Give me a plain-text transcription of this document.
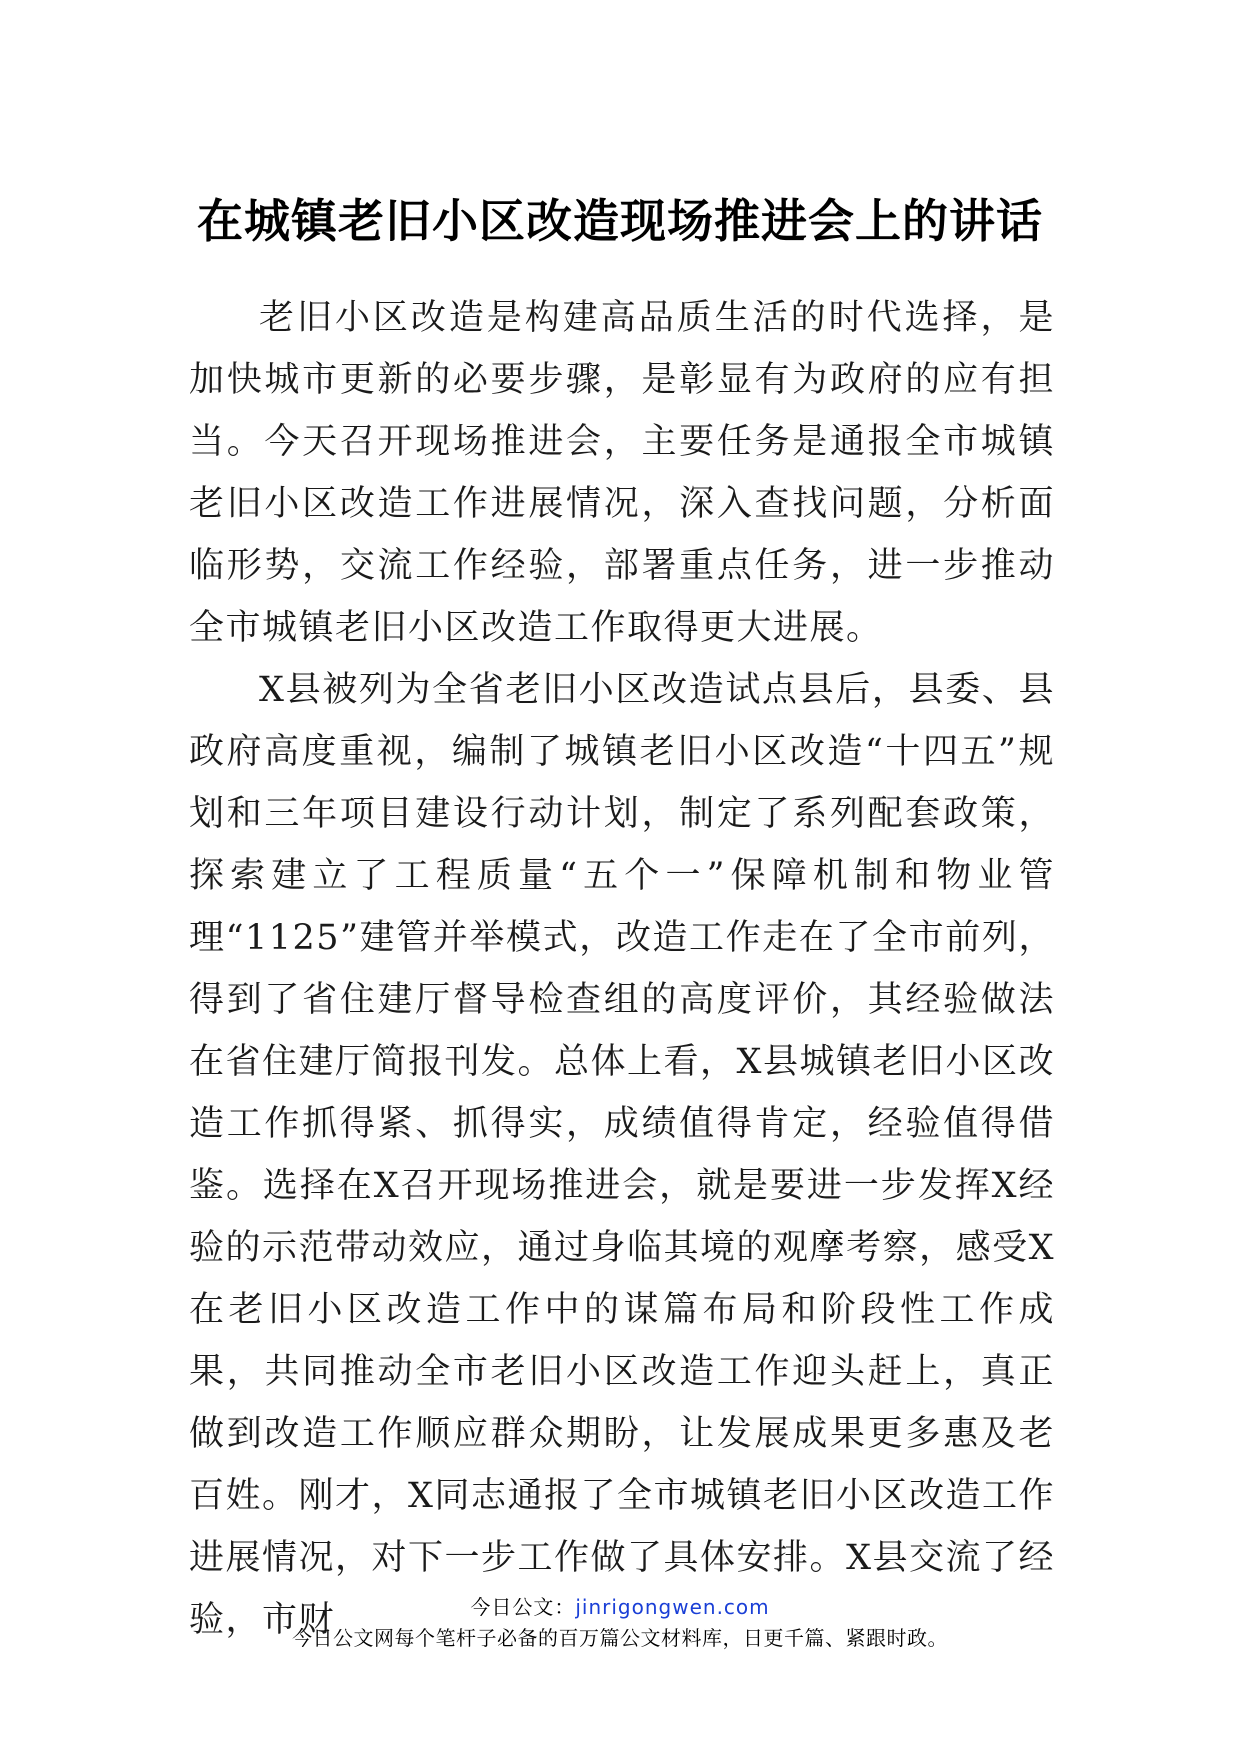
在城镇老旧小区改造现场推进会上的讲话

老旧小区改造是构建高品质生活的时代选择，是加快城市更新的必要步骤，是彰显有为政府的应有担当。今天召开现场推进会，主要任务是通报全市城镇老旧小区改造工作进展情况，深入查找问题，分析面临形势，交流工作经验，部署重点任务，进一步推动全市城镇老旧小区改造工作取得更大进展。

X县被列为全省老旧小区改造试点县后，县委、县政府高度重视，编制了城镇老旧小区改造“十四五”规划和三年项目建设行动计划，制定了系列配套政策，探索建立了工程质量“五个一”保障机制和物业管理“1125”建管并举模式，改造工作走在了全市前列，得到了省住建厅督导检查组的高度评价，其经验做法在省住建厅简报刊发。总体上看，X县城镇老旧小区改造工作抓得紧、抓得实，成绩值得肯定，经验值得借鉴。选择在X召开现场推进会，就是要进一步发挥X经验的示范带动效应，通过身临其境的观摩考察，感受X在老旧小区改造工作中的谋篇布局和阶段性工作成果，共同推动全市老旧小区改造工作迎头赶上，真正做到改造工作顺应群众期盼，让发展成果更多惠及老百姓。刚才，X同志通报了全市城镇老旧小区改造工作进展情况，对下一步工作做了具体安排。X县交流了经验，市财	今日公文：jinrigongwen.com
今日公文网每个笔杆子必备的百万篇公文材料库，日更千篇、紧跟时政。
